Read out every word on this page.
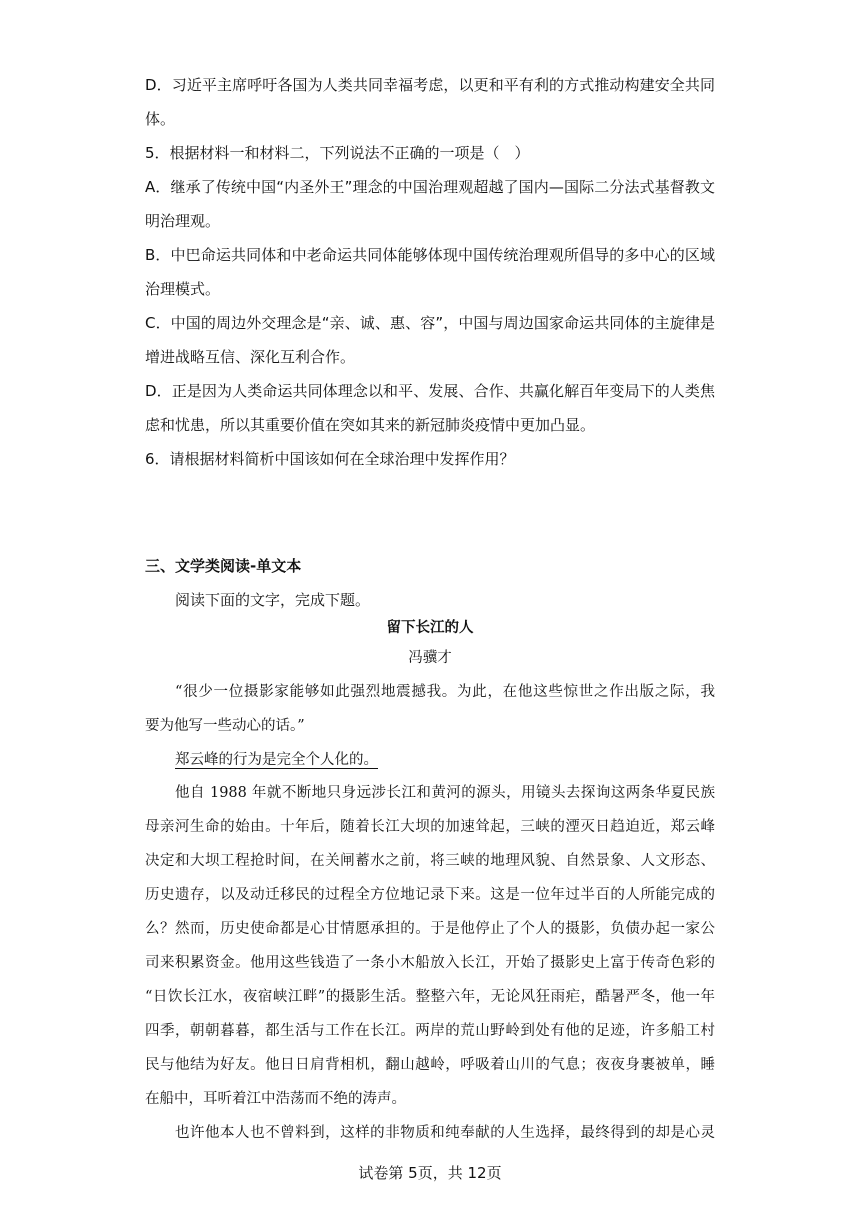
D．习近平主席呼吁各国为人类共同幸福考虑，以更和平有利的方式推动构建安全共同
体。
5．根据材料一和材料二，下列说法不正确的一项是（　）
A．继承了传统中国“内圣外王”理念的中国治理观超越了国内—国际二分法式基督教文
明治理观。
B．中巴命运共同体和中老命运共同体能够体现中国传统治理观所倡导的多中心的区域
治理模式。
C．中国的周边外交理念是“亲、诚、惠、容”，中国与周边国家命运共同体的主旋律是
增进战略互信、深化互利合作。
D．正是因为人类命运共同体理念以和平、发展、合作、共赢化解百年变局下的人类焦
虑和忧患，所以其重要价值在突如其来的新冠肺炎疫情中更加凸显。
6．请根据材料简析中国该如何在全球治理中发挥作用？
三、文学类阅读-单文本
阅读下面的文字，完成下题。
留下长江的人
冯骥才
“很少一位摄影家能够如此强烈地震撼我。为此，在他这些惊世之作出版之际，我
要为他写一些动心的话。”
郑云峰的行为是完全个人化的。
他自 1988 年就不断地只身远涉长江和黄河的源头，用镜头去探询这两条华夏民族
母亲河生命的始由。十年后，随着长江大坝的加速耸起，三峡的湮灭日趋迫近，郑云峰
决定和大坝工程抢时间，在关闸蓄水之前，将三峡的地理风貌、自然景象、人文形态、
历史遗存，以及动迁移民的过程全方位地记录下来。这是一位年过半百的人所能完成的
么？然而，历史使命都是心甘情愿承担的。于是他停止了个人的摄影，负债办起一家公
司来积累资金。他用这些钱造了一条小木船放入长江，开始了摄影史上富于传奇色彩的
“日饮长江水，夜宿峡江畔”的摄影生活。整整六年，无论风狂雨疟，酷暑严冬，他一年
四季，朝朝暮暮，都生活与工作在长江。两岸的荒山野岭到处有他的足迹，许多船工村
民与他结为好友。他日日肩背相机，翻山越岭，呼吸着山川的气息；夜夜身裹被单，睡
在船中，耳听着江中浩荡而不绝的涛声。
也许他本人也不曾料到，这样的非物质和纯奉献的人生选择，最终得到的却是心灵
试卷第 5页，共 12页
